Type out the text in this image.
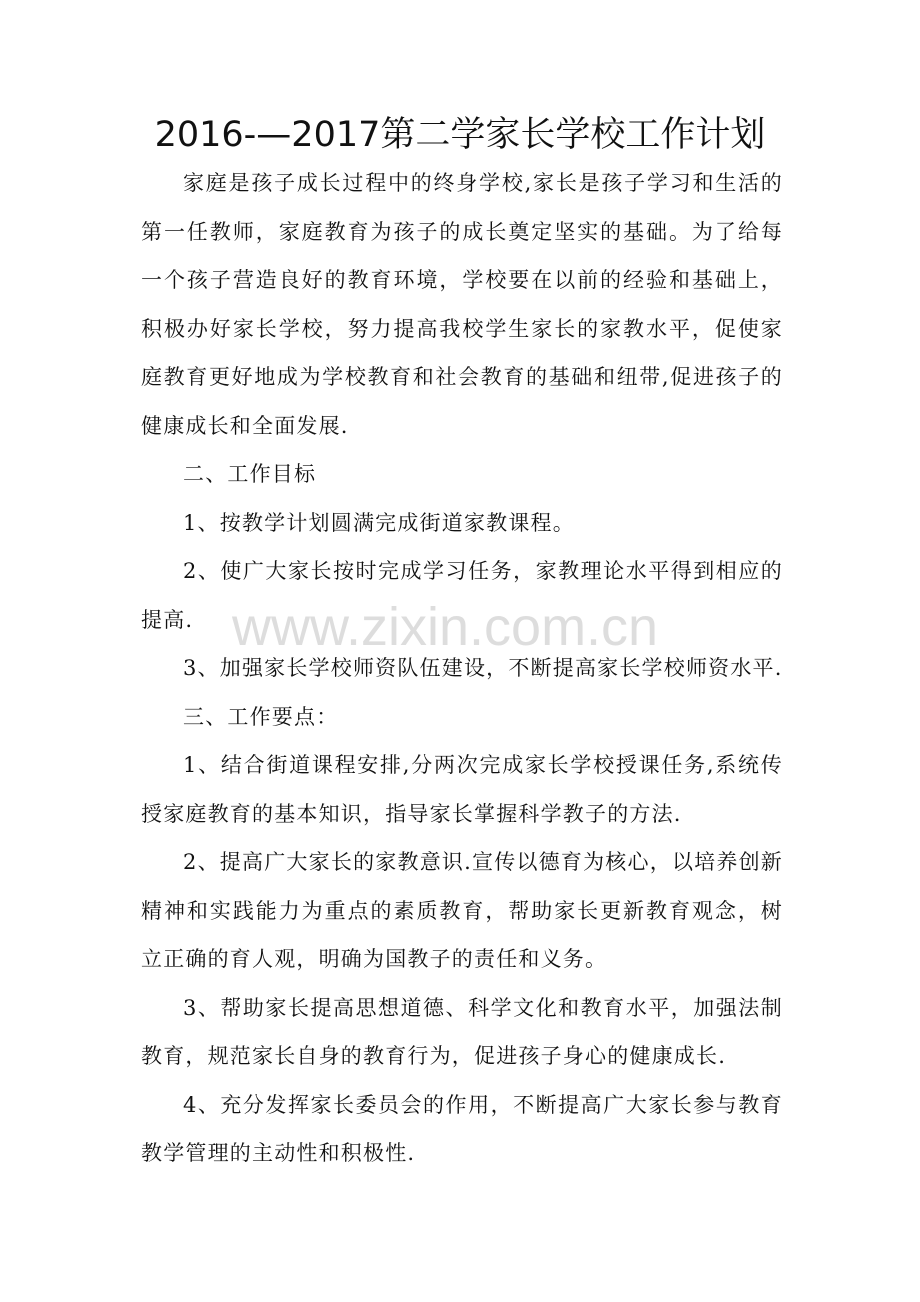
2016-—2017第二学家长学校工作计划

家庭是孩子成长过程中的终身学校,家长是孩子学习和生活的第一任教师，家庭教育为孩子的成长奠定坚实的基础。为了给每一个孩子营造良好的教育环境，学校要在以前的经验和基础上，积极办好家长学校，努力提高我校学生家长的家教水平，促使家庭教育更好地成为学校教育和社会教育的基础和纽带,促进孩子的健康成长和全面发展.

二、工作目标

1、按教学计划圆满完成街道家教课程。

2、使广大家长按时完成学习任务，家教理论水平得到相应的提高.

3、加强家长学校师资队伍建设，不断提高家长学校师资水平.

三、工作要点：

1、结合街道课程安排,分两次完成家长学校授课任务,系统传授家庭教育的基本知识，指导家长掌握科学教子的方法.

2、提高广大家长的家教意识.宣传以德育为核心，以培养创新精神和实践能力为重点的素质教育，帮助家长更新教育观念，树立正确的育人观，明确为国教子的责任和义务。

3、帮助家长提高思想道德、科学文化和教育水平，加强法制教育，规范家长自身的教育行为，促进孩子身心的健康成长.

4、充分发挥家长委员会的作用，不断提高广大家长参与教育教学管理的主动性和积极性.

www.zixin.com.cn
